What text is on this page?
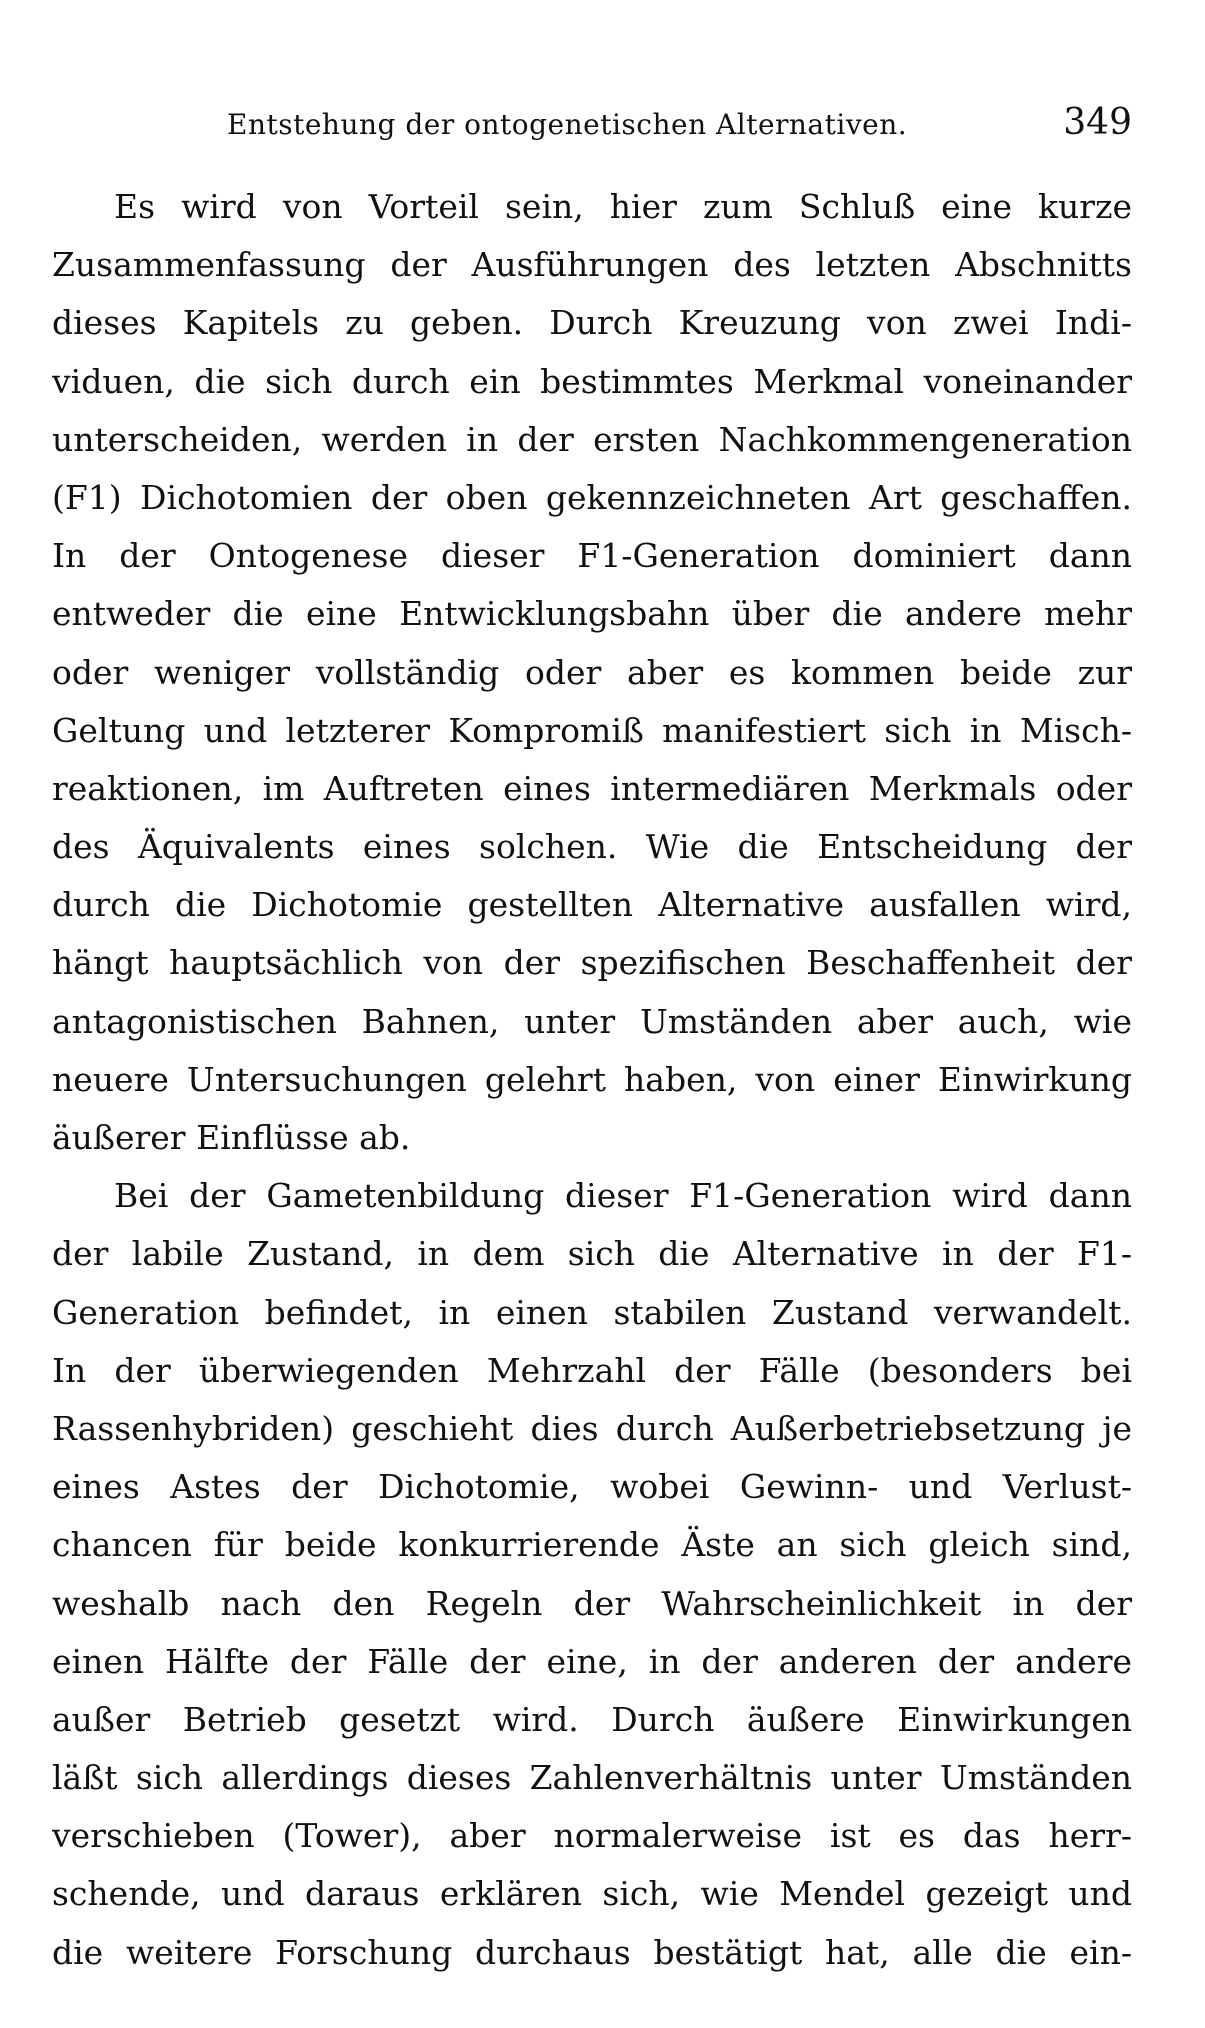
Entstehung der ontogenetischen Alternativen.	349
Es wird von Vorteil sein, hier zum Schluß eine kurze
Zusammenfassung der Ausführungen des letzten Abschnitts
dieses Kapitels zu geben. Durch Kreuzung von zwei Indi-
viduen, die sich durch ein bestimmtes Merkmal voneinander
unterscheiden, werden in der ersten Nachkommengeneration
(F1) Dichotomien der oben gekennzeichneten Art geschaffen.
In der Ontogenese dieser F1-Generation dominiert dann
entweder die eine Entwicklungsbahn über die andere mehr
oder weniger vollständig oder aber es kommen beide zur
Geltung und letzterer Kompromiß manifestiert sich in Misch-
reaktionen, im Auftreten eines intermediären Merkmals oder
des Äquivalents eines solchen. Wie die Entscheidung der
durch die Dichotomie gestellten Alternative ausfallen wird,
hängt hauptsächlich von der spezifischen Beschaffenheit der
antagonistischen Bahnen, unter Umständen aber auch, wie
neuere Untersuchungen gelehrt haben, von einer Einwirkung
äußerer Einflüsse ab.
Bei der Gametenbildung dieser F1-Generation wird dann
der labile Zustand, in dem sich die Alternative in der F1-
Generation befindet, in einen stabilen Zustand verwandelt.
In der überwiegenden Mehrzahl der Fälle (besonders bei
Rassenhybriden) geschieht dies durch Außerbetriebsetzung je
eines Astes der Dichotomie, wobei Gewinn- und Verlust-
chancen für beide konkurrierende Äste an sich gleich sind,
weshalb nach den Regeln der Wahrscheinlichkeit in der
einen Hälfte der Fälle der eine, in der anderen der andere
außer Betrieb gesetzt wird. Durch äußere Einwirkungen
läßt sich allerdings dieses Zahlenverhältnis unter Umständen
verschieben (Tower), aber normalerweise ist es das herr-
schende, und daraus erklären sich, wie Mendel gezeigt und
die weitere Forschung durchaus bestätigt hat, alle die ein-
